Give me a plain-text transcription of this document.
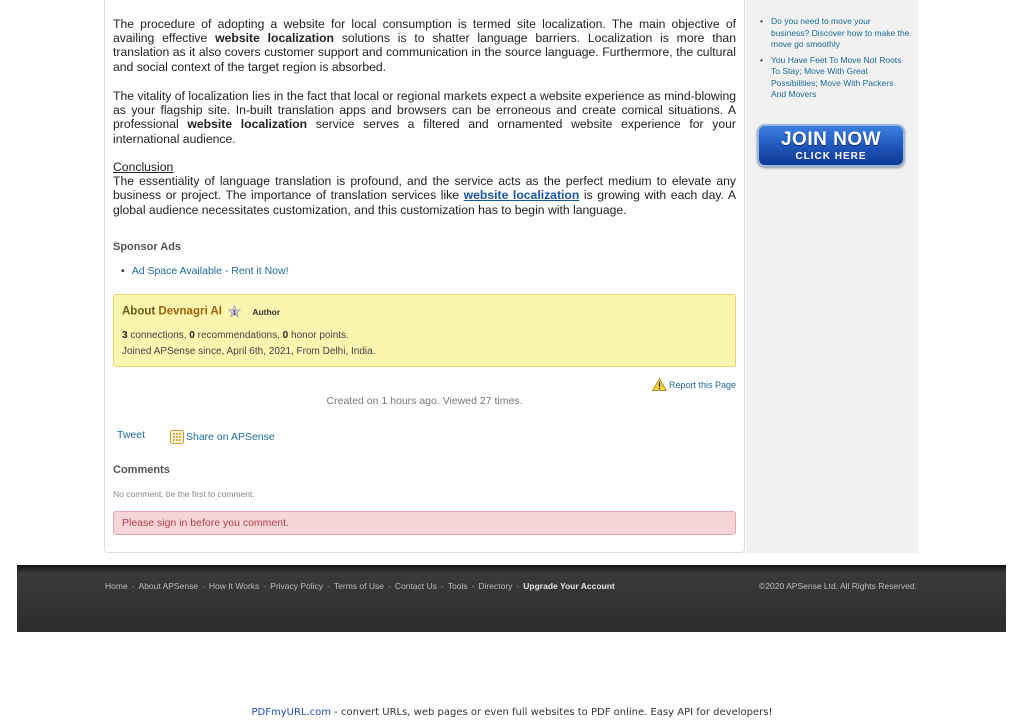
The procedure of adopting a website for local consumption is termed site localization. The main objective of availing effective website localization solutions is to shatter language barriers. Localization is more than translation as it also covers customer support and communication in the source language. Furthermore, the cultural and social context of the target region is absorbed.
The vitality of localization lies in the fact that local or regional markets expect a website experience as mind-blowing as your flagship site. In-built translation apps and browsers can be erroneous and create comical situations. A professional website localization service serves a filtered and ornamented website experience for your international audience.
Conclusion
The essentiality of language translation is profound, and the service acts as the perfect medium to elevate any business or project. The importance of translation services like website localization is growing with each day. A global audience necessitates customization, and this customization has to begin with language.
Sponsor Ads
• Ad Space Available - Rent it Now!
About Devnagri AI 1 Author
3 connections, 0 recommendations, 0 honor points.
Joined APSense since, April 6th, 2021, From Delhi, India.
Report this Page
Created on 1 hours ago. Viewed 27 times.
Tweet	Share on APSense
Comments
No comment, be the first to comment.
Please sign in before you comment.
• Do you need to move your business? Discover how to make the move go smoothly
• You Have Feet To Move Not Roots To Stay; Move With Great Possibilities; Move With Packers And Movers
JOIN NOW
CLICK HERE
Home - About APSense - How It Works - Privacy Policy - Terms of Use - Contact Us - Tools - Directory - Upgrade Your Account	©2020 APSense Ltd. All Rights Reserved.
PDFmyURL.com - convert URLs, web pages or even full websites to PDF online. Easy API for developers!
